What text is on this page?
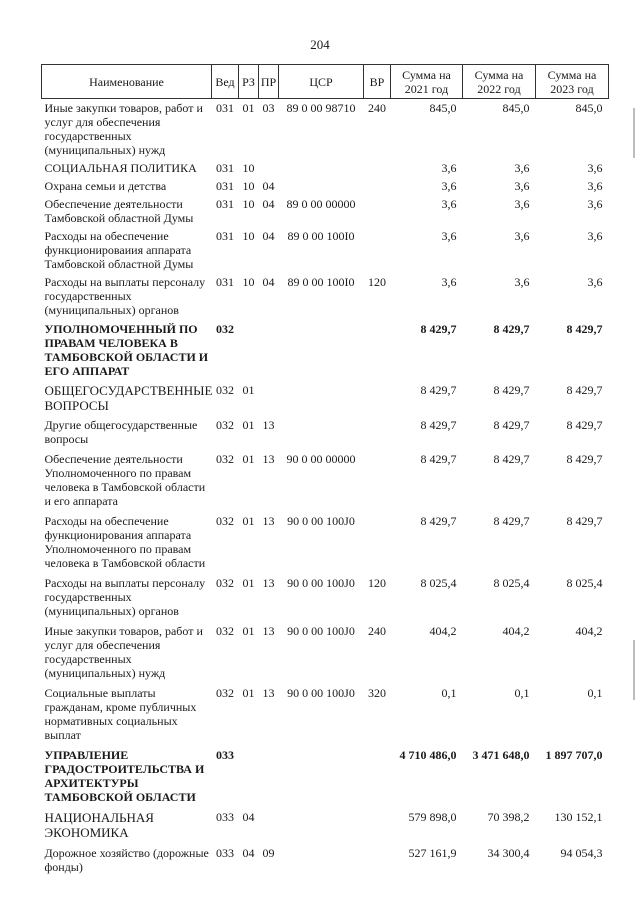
204
Наименование	Вед	РЗ	ПР	ЦСР	ВР	Сумма на 2021 год	Сумма на 2022 год	Сумма на 2023 год
Иные закупки товаров, работ и услуг для обеспечения государственных (муниципальных) нужд	031	01	03	89 0 00 98710	240	845,0	845,0	845,0
СОЦИАЛЬНАЯ ПОЛИТИКА	031	10				3,6	3,6	3,6
Охрана семьи и детства	031	10	04			3,6	3,6	3,6
Обеспечение деятельности Тамбовской областной Думы	031	10	04	89 0 00 00000		3,6	3,6	3,6
Расходы на обеспечение функционироваиия аппарата Тамбовской областной Думы	031	10	04	89 0 00 100I0		3,6	3,6	3,6
Расходы на выплаты персоналу государственных (муниципальных) органов	031	10	04	89 0 00 100I0	120	3,6	3,6	3,6
УПОЛНОМОЧЕННЫЙ ПО ПРАВАМ ЧЕЛОВЕКА В ТАМБОВСКОЙ ОБЛАСТИ И ЕГО АППАРАТ	032					8 429,7	8 429,7	8 429,7
ОБЩЕГОСУДАРСТВЕННЫЕ ВОПРОСЫ	032	01				8 429,7	8 429,7	8 429,7
Другие общегосударственные вопросы	032	01	13			8 429,7	8 429,7	8 429,7
Обеспечение деятельности Уполномоченного по правам человека в Тамбовской области и его аппарата	032	01	13	90 0 00 00000		8 429,7	8 429,7	8 429,7
Расходы на обеспечение функционирования аппарата Уполномоченного по правам человека в Тамбовской области	032	01	13	90 0 00 100J0		8 429,7	8 429,7	8 429,7
Расходы на выплаты персоналу государственных (муниципальных) органов	032	01	13	90 0 00 100J0	120	8 025,4	8 025,4	8 025,4
Иные закупки товаров, работ и услуг для обеспечения государственных (муниципальных) нужд	032	01	13	90 0 00 100J0	240	404,2	404,2	404,2
Социальные выплаты гражданам, кроме публичных нормативных социальных выплат	032	01	13	90 0 00 100J0	320	0,1	0,1	0,1
УПРАВЛЕНИЕ ГРАДОСТРОИТЕЛЬСТВА И АРХИТЕКТУРЫ ТАМБОВСКОЙ ОБЛАСТИ	033					4 710 486,0	3 471 648,0	1 897 707,0
НАЦИОНАЛЬНАЯ ЭКОНОМИКА	033	04				579 898,0	70 398,2	130 152,1
Дорожное хозяйство (дорожные фонды)	033	04	09			527 161,9	34 300,4	94 054,3
